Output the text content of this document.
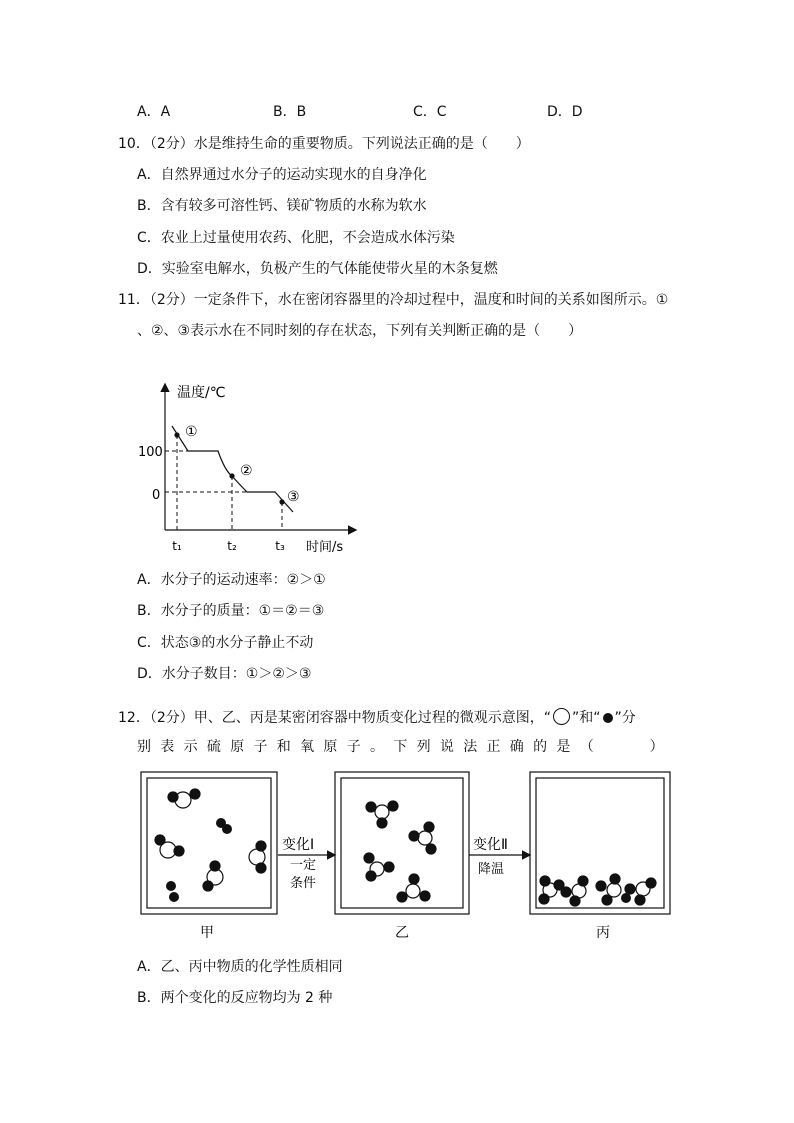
A．A	B．B	C．C	D．D
10．（2分）水是维持生命的重要物质。下列说法正确的是（　　）
A．自然界通过水分子的运动实现水的自身净化
B．含有较多可溶性钙、镁矿物质的水称为软水
C．农业上过量使用农药、化肥，不会造成水体污染
D．实验室电解水，负极产生的气体能使带火星的木条复燃
11．（2分）一定条件下，水在密闭容器里的冷却过程中，温度和时间的关系如图所示。①
、②、③表示水在不同时刻的存在状态，下列有关判断正确的是（　　）
温度/℃
时间/s
100
0
①
②
③
t₁	t₂	t₃
A．水分子的运动速率：②＞①
B．水分子的质量：①＝②＝③
C．状态③的水分子静止不动
D．水分子数目：①＞②＞③
12．（2分）甲、乙、丙是某密闭容器中物质变化过程的微观示意图，“ ”和“ ”分
别表示硫原子和氧原子。下列说法正确的是（　　）
变化Ⅰ
一定
条件
变化Ⅱ
降温
甲	乙	丙
A．乙、丙中物质的化学性质相同
B．两个变化的反应物均为 2 种
